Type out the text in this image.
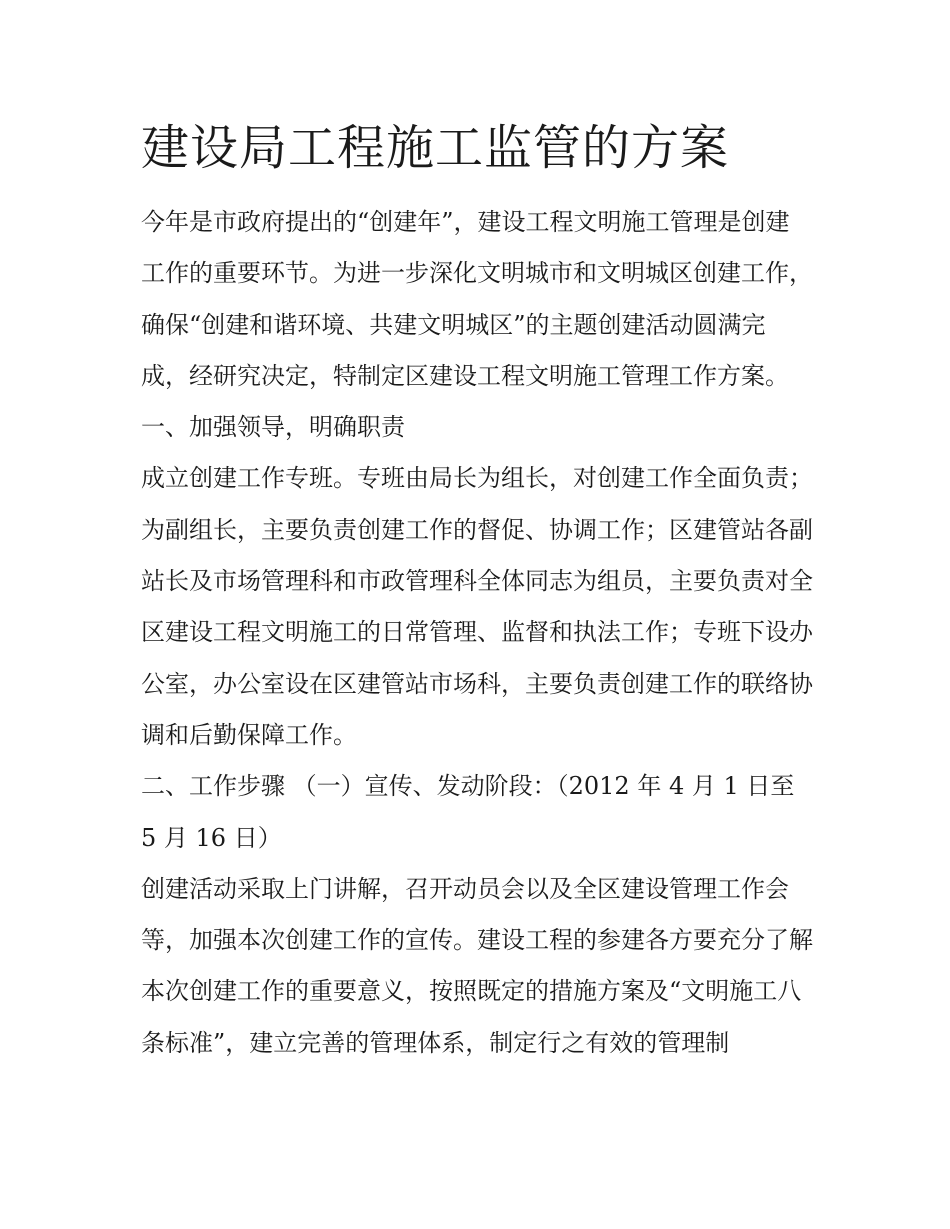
建设局工程施工监管的方案

今年是市政府提出的“创建年”，建设工程文明施工管理是创建工作的重要环节。为进一步深化文明城市和文明城区创建工作，确保“创建和谐环境、共建文明城区”的主题创建活动圆满完成，经研究决定，特制定区建设工程文明施工管理工作方案。

一、加强领导，明确职责

成立创建工作专班。专班由局长为组长，对创建工作全面负责；为副组长，主要负责创建工作的督促、协调工作；区建管站各副站长及市场管理科和市政管理科全体同志为组员，主要负责对全区建设工程文明施工的日常管理、监督和执法工作；专班下设办公室，办公室设在区建管站市场科，主要负责创建工作的联络协调和后勤保障工作。

二、工作步骤 （一）宣传、发动阶段：（2012 年 4 月 1 日至 5 月 16 日）

创建活动采取上门讲解，召开动员会以及全区建设管理工作会等，加强本次创建工作的宣传。建设工程的参建各方要充分了解本次创建工作的重要意义，按照既定的措施方案及“文明施工八条标准”，建立完善的管理体系，制定行之有效的管理制
